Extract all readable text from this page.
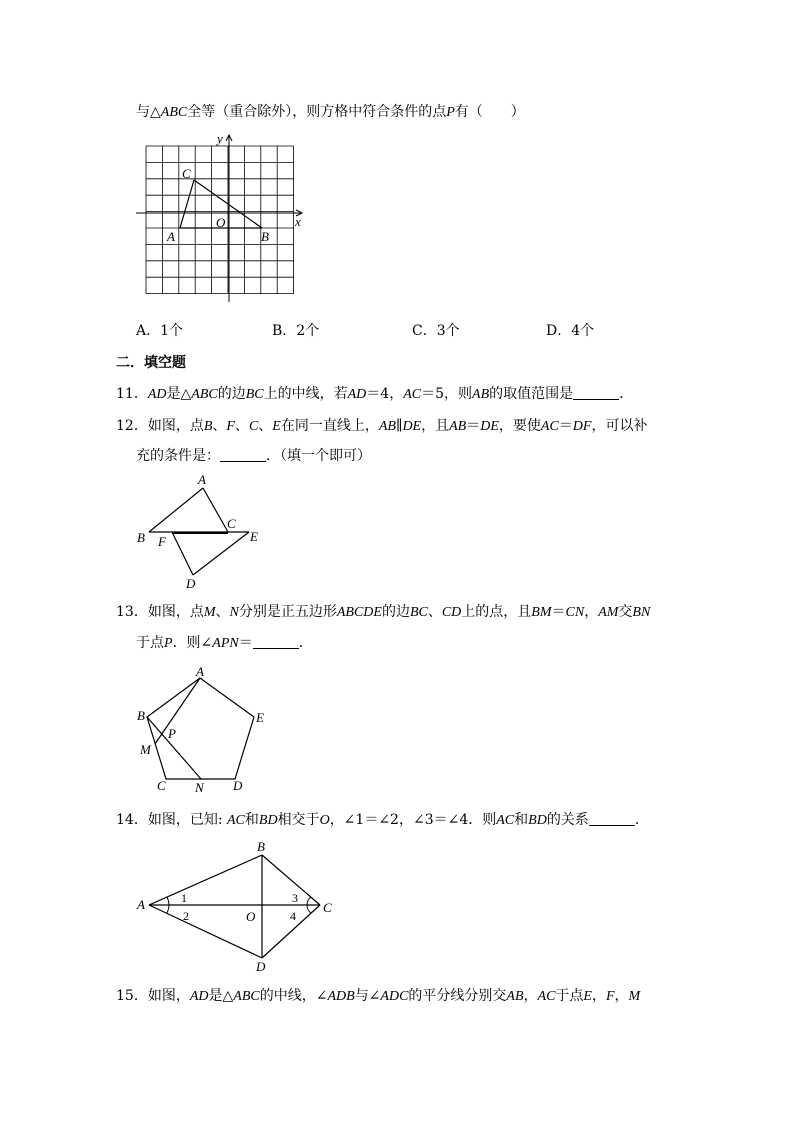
与△ABC全等（重合除外），则方格中符合条件的点P有（　　）
y
x
C
O
A	B
A．1个	B．2个	C．3个	D．4个
二．填空题
11．AD是△ABC的边BC上的中线，若AD＝4，AC＝5，则AB的取值范围是	．
12．如图，点B、F、C、E在同一直线上，AB∥DE，且AB＝DE，要使AC＝DF，可以补
充的条件是：	．（填一个即可）
A
B F
C
E
D
13．如图，点M、N分别是正五边形ABCDE的边BC、CD上的点，且BM＝CN，AM交BN
于点P．则∠APN＝	．
A
B	E
P
M
C N D
14．如图，已知: AC和BD相交于O，∠1＝∠2，∠3＝∠4．则AC和BD的关系	．
B
A	C
O
D
1
2
3
4
15．如图，AD是△ABC的中线，∠ADB与∠ADC的平分线分别交AB，AC于点E，F，M
